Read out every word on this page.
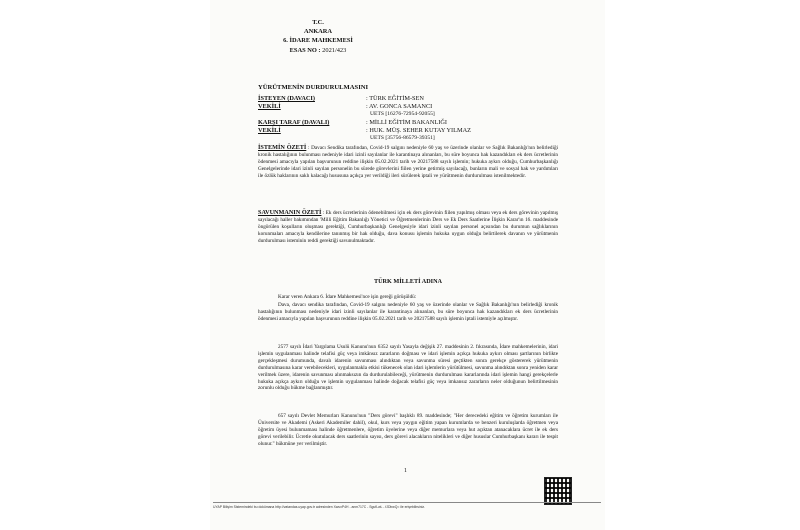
T.C.
ANKARA
6. İDARE MAHKEMESİ
ESAS NO : 2021/423
YÜRÜTMENİN DURDURULMASINI
İSTEYEN (DAVACI)	: TÜRK EĞİTİM-SEN
VEKİLİ	: AV. GONCA SAMANCI
UETS [16276-72954-92055]
KARŞI TARAF (DAVALI)	: MİLLİ EĞİTİM BAKANLIĞI
VEKİLİ	: HUK. MÜŞ. SEHER KUTAY YILMAZ
UETS [35756-86579-39351]

İSTEMİN ÖZETİ : Davacı Sendika tarafından, Covid-19 salgını nedeniyle 60 yaş ve üzerinde olanlar ve Sağlık Bakanlığı'nın belirlediği kronik hastalığının bulunması nedeniyle idari izinli sayılanlar ile karantinaya alınanları, bu süre boyunca hak kazandıkları ek ders ücretlerinin ödenmesi amacıyla yapılan başvurunun reddine ilişkin 05.02.2021 tarih ve 20217588 sayılı işlemin; hukuka aykırı olduğu, Cumhurbaşkanlığı Genelgelerinde idari izinli sayılan personelin bu sürede görevlerini fiilen yerine getirmiş sayılacağı, bunların mali ve sosyal hak ve yardımları ile özlük haklarının saklı kalacağı hususuna açıkça yer verildiği ileri sürülerek iptali ve yürütmenin durdurulması istenilmektedir.

SAVUNMANIN ÖZETİ : Ek ders ücretlerinin ödenebilmesi için ek ders görevinin fiilen yapılmış olması veya ek ders görevinin yapılmış sayılacağı haller bakımından 'Milli Eğitim Bakanlığı Yönetici ve Öğretmenlerinin Ders ve Ek Ders Saatlerine İlişkin Karar'ın 16. maddesinde öngörülen koşulların oluşması gerektiği, Cumhurbaşkanlığı Genelgesiyle idari izinli sayılan personel açısından bu durumun sağlıklarının korunmaları amacıyla kendilerine tanınmış bir hak olduğu, dava konusu işlemin hukuka uygun olduğu belirtilerek davanın ve yürütmenin durdurulması isteminin reddi gerektiği savunulmaktadır.

TÜRK MİLLETİ ADINA

Karar veren Ankara 6. İdare Mahkemesi'nce işin gereği görüşüldü:

Dava, davacı sendika tarafından, Covid-19 salgını nedeniyle 60 yaş ve üzerinde olanlar ve Sağlık Bakanlığı'nın belirlediği kronik hastalığının bulunması nedeniyle idari izinli sayılanlar ile karantinaya alınanları, bu süre boyunca hak kazandıkları ek ders ücretlerinin ödenmesi amacıyla yapılan başvurunun reddine ilişkin 05.02.2021 tarih ve 20217588 sayılı işlemin iptali istemiyle açılmıştır.

2577 sayılı İdari Yargılama Usulü Kanunu'nun 6352 sayılı Yasayla değişik 27. maddesinin 2. fıkrasında, İdare mahkemelerinin, idari işlemin uygulanması halinde telafisi güç veya imkânsız zararların doğması ve idari işlemin açıkça hukuka aykırı olması şartlarının birlikte gerçekleşmesi durumunda, davalı idarenin savunması alındıktan veya savunma süresi geçtikten sonra gerekçe göstererek yürütmenin durdurulmasına karar verebilecekleri, uygulanmakla etkisi tükenecek olan idari işlemlerin yürütülmesi, savunma alındıktan sonra yeniden karar verilmek üzere, idarenin savunması alınmaksızın da durdurulabileceği, yürütmenin durdurulması kararlarında idari işlemin hangi gerekçelerle hukuka açıkça aykırı olduğu ve işlemin uygulanması halinde doğacak telafisi güç veya imkansız zararların neler olduğunun belirtilmesinin zorunlu olduğu hükme bağlanmıştır.

657 sayılı Devlet Memurları Kanunu'nun "Ders görevi" başlıklı 89. maddesinde; "Her derecedeki eğitim ve öğretim kurumları ile Üniversite ve Akademi (Askeri Akademiler dahil), okul, kurs veya yaygın eğitim yapan kurumlarda ve benzeri kuruluşlarda öğretmen veya öğretim üyesi bulunmaması halinde öğretmenlere, öğretim üyelerine veya diğer memurlara veya hut açıktan atanacaklara ücret ile ek ders görevi verilebilir. Ücretle okutulacak ders saatlerinin sayısı, ders görevi alacakların nitelikleri ve diğer hususlar Cumhurbaşkanı kararı ile tespit olunur." hükmüne yer verilmiştir.

1
UYAP Bilişim Sistemindeki bu dokümana http://vatandas.uyap.gov.tr adresinden XwuxP4H - anm717C - SgufLwL - fJDbwQ= ile erişebilirsiniz.
